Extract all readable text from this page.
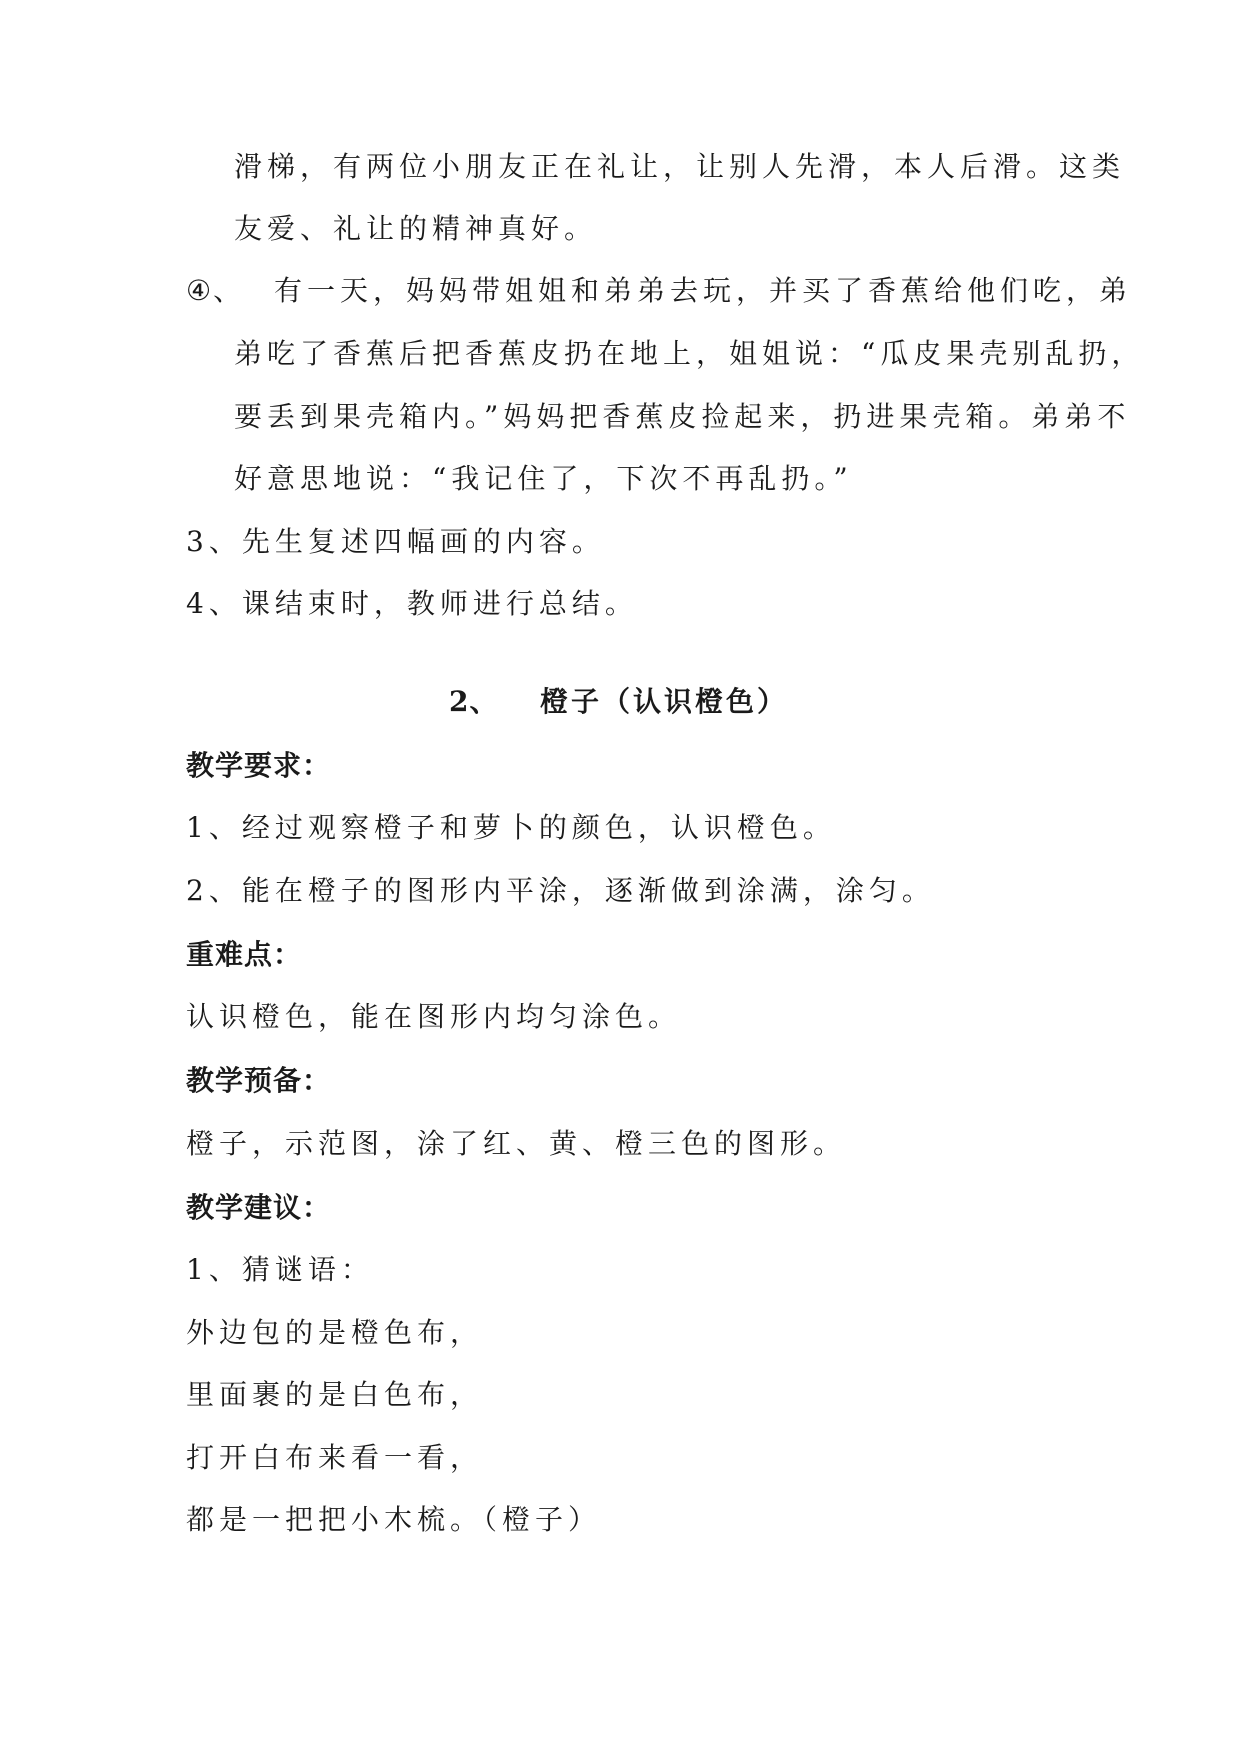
滑梯，有两位小朋友正在礼让，让别人先滑，本人后滑。这类
友爱、礼让的精神真好。
④、 有一天，妈妈带姐姐和弟弟去玩，并买了香蕉给他们吃，弟
弟吃了香蕉后把香蕉皮扔在地上，姐姐说：“瓜皮果壳别乱扔，
要丢到果壳箱内。”妈妈把香蕉皮捡起来，扔进果壳箱。弟弟不
好意思地说：“我记住了，下次不再乱扔。”
3、先生复述四幅画的内容。
4、课结束时，教师进行总结。
2、 橙子（认识橙色）
教学要求：
1、经过观察橙子和萝卜的颜色，认识橙色。
2、能在橙子的图形内平涂，逐渐做到涂满，涂匀。
重难点：
认识橙色，能在图形内均匀涂色。
教学预备：
橙子，示范图，涂了红、黄、橙三色的图形。
教学建议：
1、猜谜语：
外边包的是橙色布，
里面裹的是白色布，
打开白布来看一看，
都是一把把小木梳。（橙子）
